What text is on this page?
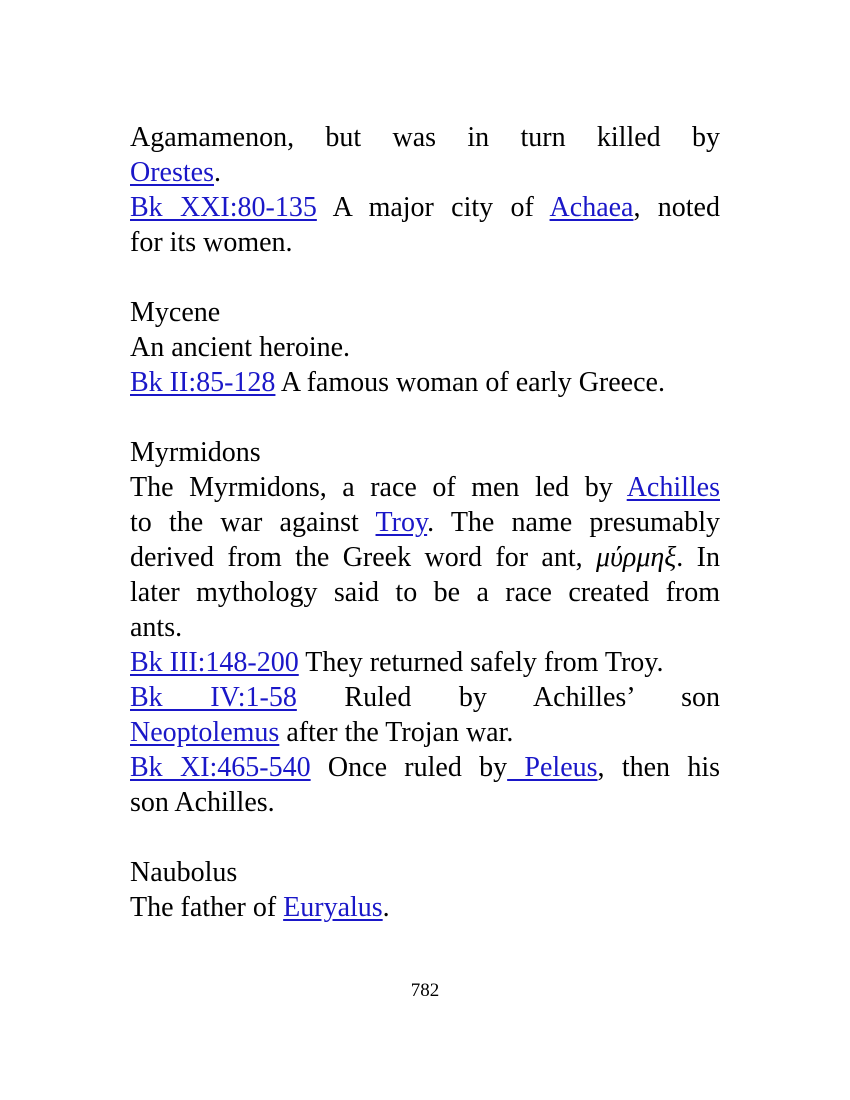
Agamamenon, but was in turn killed by
Orestes.
Bk XXI:80-135 A major city of Achaea, noted
for its women.
Mycene
An ancient heroine.
Bk II:85-128 A famous woman of early Greece.
Myrmidons
The Myrmidons, a race of men led by Achilles
to the war against Troy. The name presumably
derived from the Greek word for ant, μύρμηξ. In
later mythology said to be a race created from
ants.
Bk III:148-200 They returned safely from Troy.
Bk IV:1-58 Ruled by Achilles’ son
Neoptolemus after the Trojan war.
Bk XI:465-540 Once ruled by Peleus, then his
son Achilles.
Naubolus
The father of Euryalus.
782
